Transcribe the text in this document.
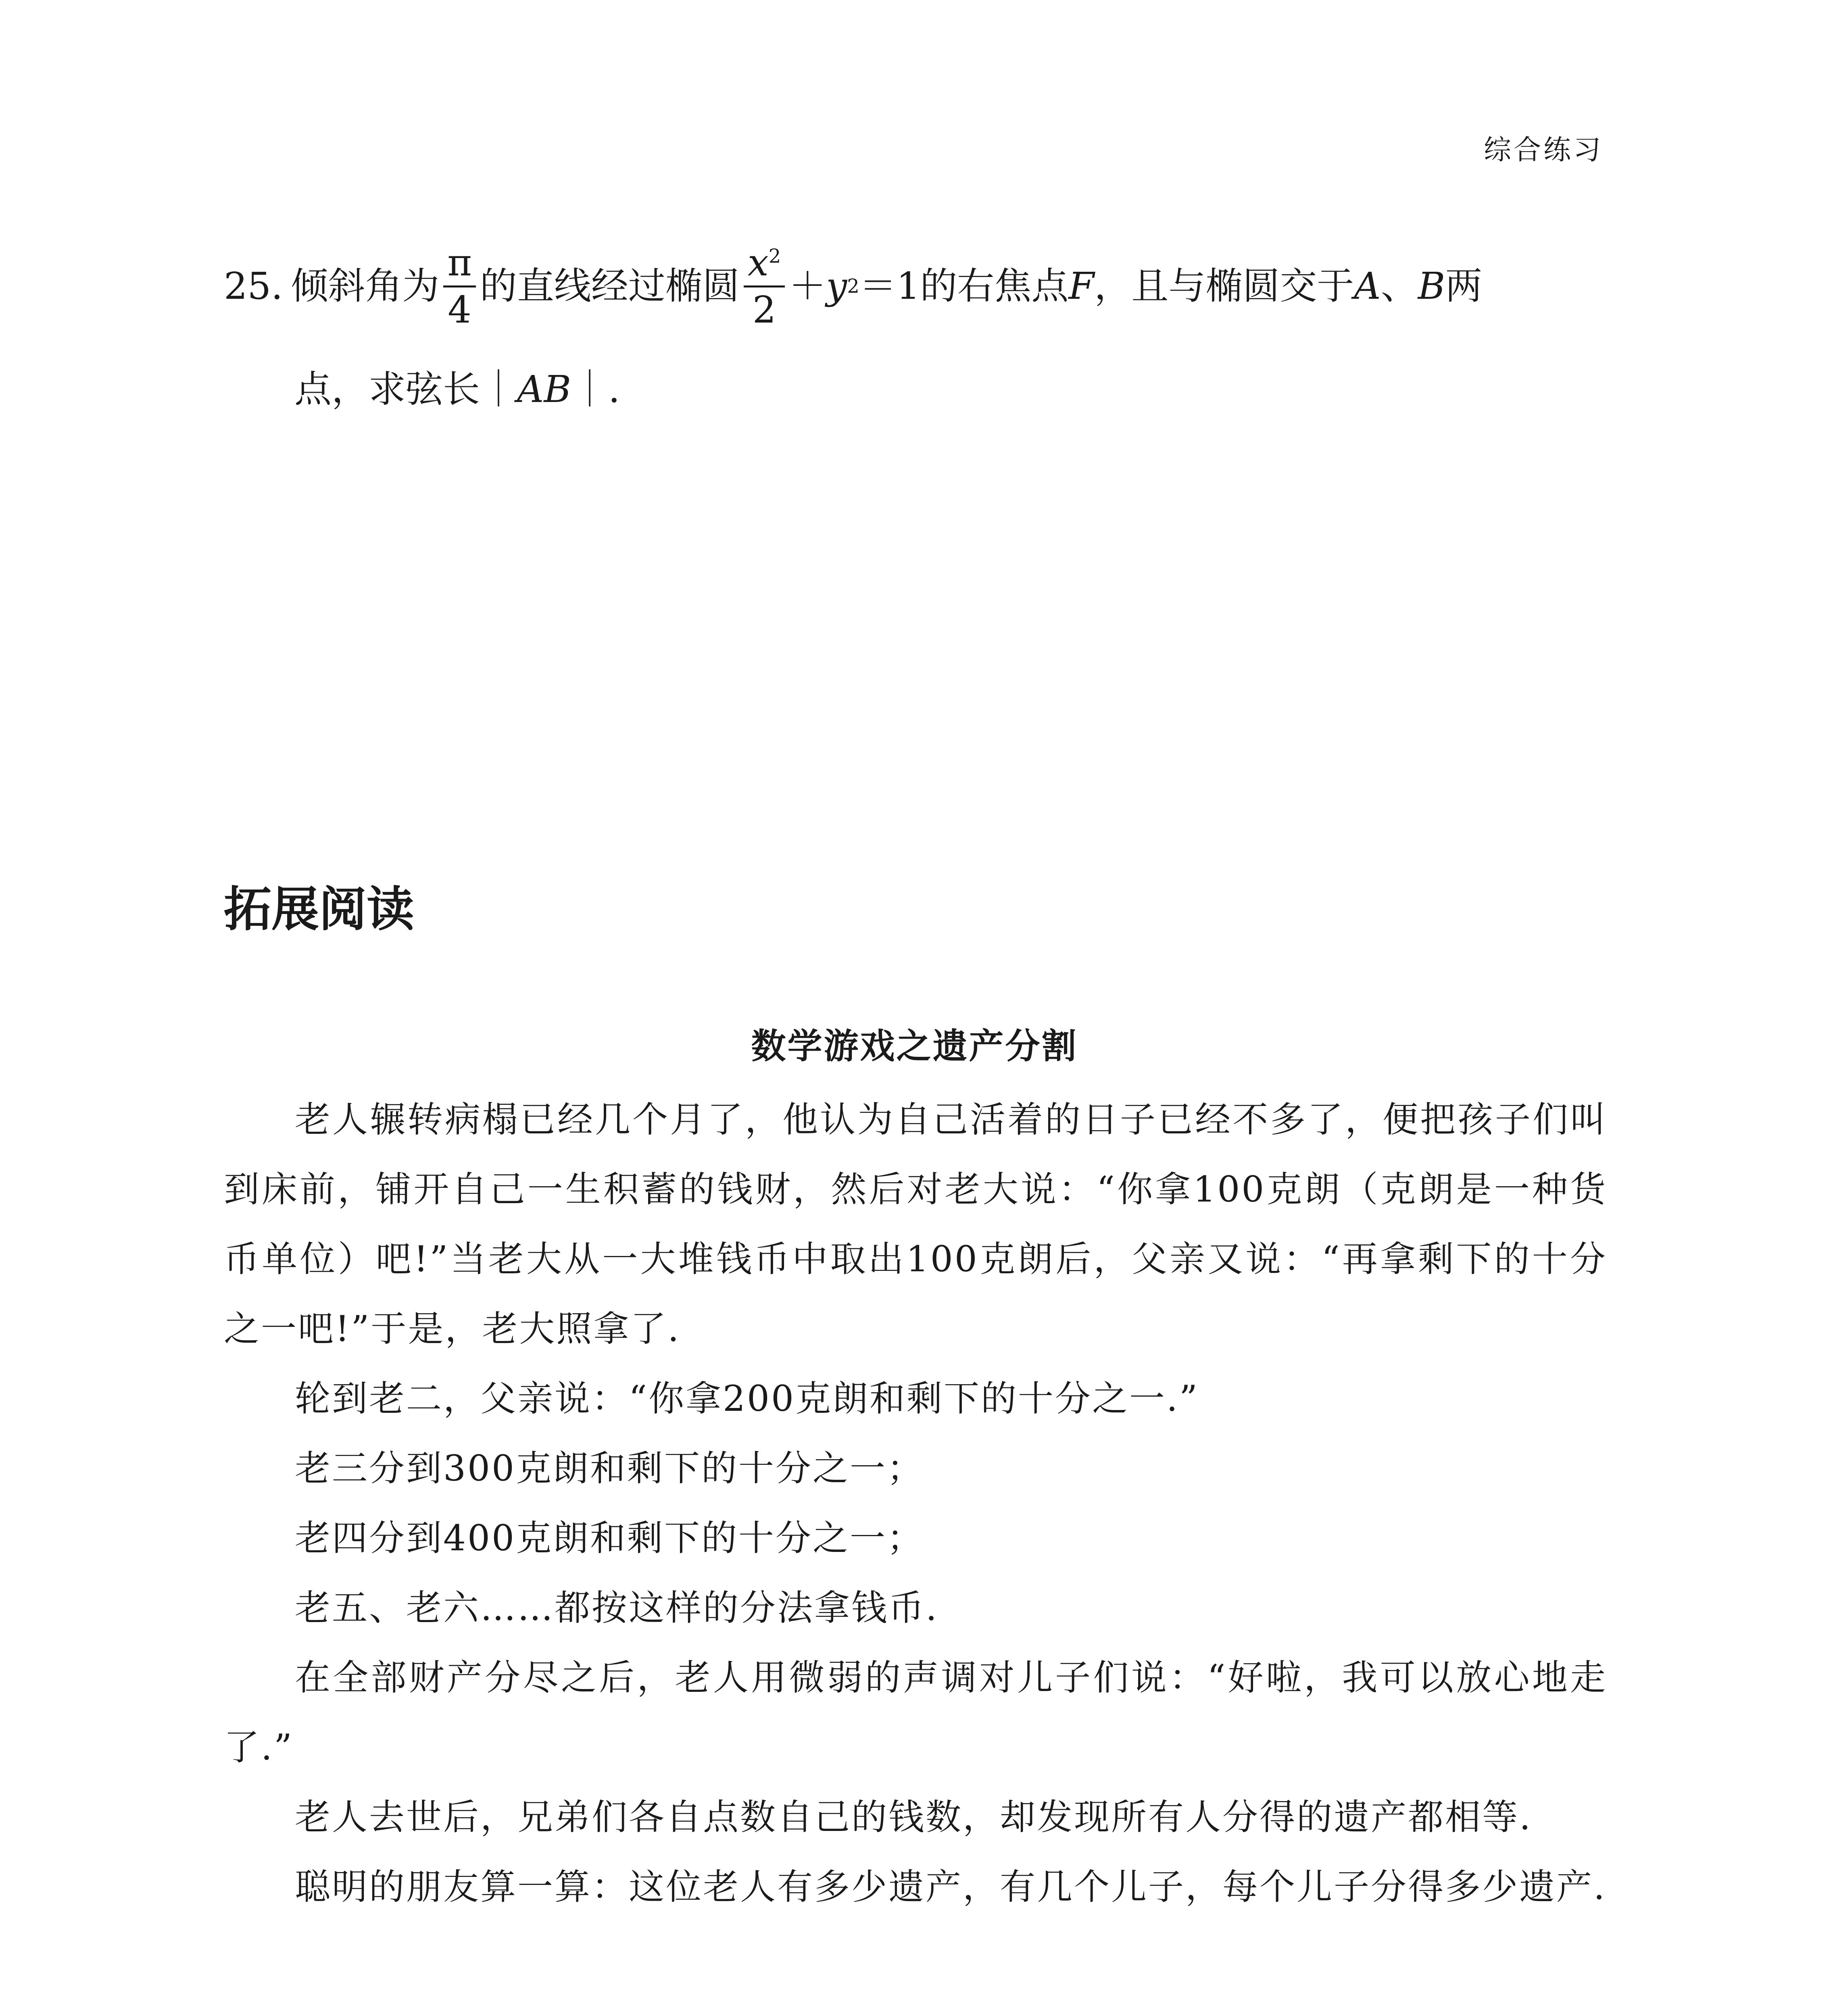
综合练习
25. 倾斜角为 $\frac{\pi}{4}$ 的直线经过椭圆 $\frac{x^2}{2} + y$ 2 ＝1的右焦点 F ，且与椭圆交于 A 、 B 两
点，求弦长｜AB｜.
拓展阅读
数学游戏之遗产分割

老人辗转病榻已经几个月了，他认为自己活着的日子已经不多了，便把孩子们叫到床前，铺开自己一生积蓄的钱财，然后对老大说：“你拿100克朗（克朗是一种货币单位）吧!”当老大从一大堆钱币中取出100克朗后，父亲又说：“再拿剩下的十分之一吧!”于是，老大照拿了.

轮到老二，父亲说：“你拿200克朗和剩下的十分之一.”

老三分到300克朗和剩下的十分之一；

老四分到400克朗和剩下的十分之一；

老五、老六……都按这样的分法拿钱币.

在全部财产分尽之后，老人用微弱的声调对儿子们说：“好啦，我可以放心地走了.”

老人去世后，兄弟们各自点数自己的钱数，却发现所有人分得的遗产都相等.

聪明的朋友算一算：这位老人有多少遗产，有几个儿子，每个儿子分得多少遗产.
